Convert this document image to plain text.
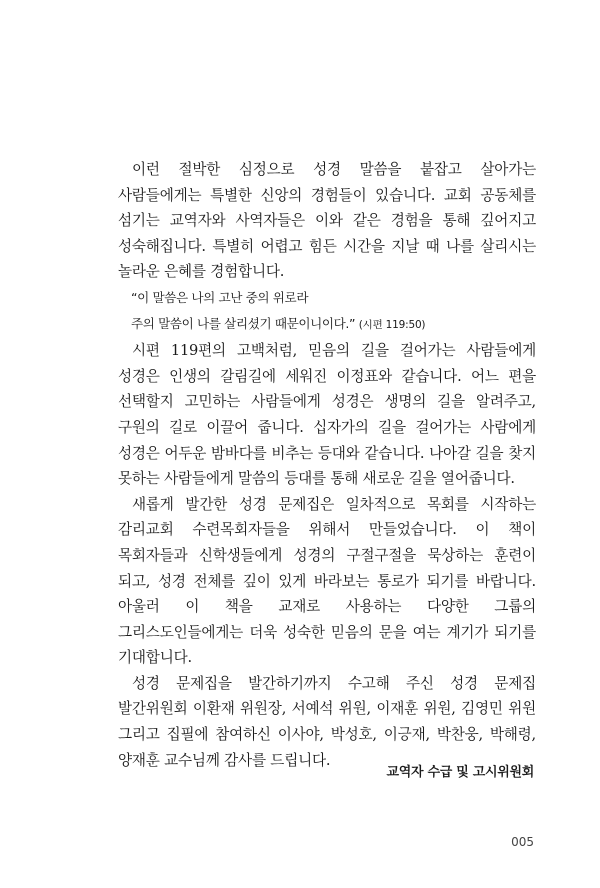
이런 절박한 심정으로 성경 말씀을 붙잡고 살아가는 사람들에게는 특별한 신앙의 경험들이 있습니다. 교회 공동체를 섬기는 교역자와 사역자들은 이와 같은 경험을 통해 깊어지고 성숙해집니다. 특별히 어렵고 힘든 시간을 지날 때 나를 살리시는 놀라운 은혜를 경험합니다.

“이 말씀은 나의 고난 중의 위로라

주의 말씀이 나를 살리셨기 때문이니이다.” (시편 119:50)

시편 119편의 고백처럼, 믿음의 길을 걸어가는 사람들에게 성경은 인생의 갈림길에 세워진 이정표와 같습니다. 어느 편을 선택할지 고민하는 사람들에게 성경은 생명의 길을 알려주고, 구원의 길로 이끌어 줍니다. 십자가의 길을 걸어가는 사람에게 성경은 어두운 밤바다를 비추는 등대와 같습니다. 나아갈 길을 찾지 못하는 사람들에게 말씀의 등대를 통해 새로운 길을 열어줍니다.

새롭게 발간한 성경 문제집은 일차적으로 목회를 시작하는 감리교회 수련목회자들을 위해서 만들었습니다. 이 책이 목회자들과 신학생들에게 성경의 구절구절을 묵상하는 훈련이 되고, 성경 전체를 깊이 있게 바라보는 통로가 되기를 바랍니다. 아울러 이 책을 교재로 사용하는 다양한 그룹의 그리스도인들에게는 더욱 성숙한 믿음의 문을 여는 계기가 되기를 기대합니다.

성경 문제집을 발간하기까지 수고해 주신 성경 문제집 발간위원회 이환재 위원장, 서예석 위원, 이재훈 위원, 김영민 위원 그리고 집필에 참여하신 이사야, 박성호, 이긍재, 박찬웅, 박해령, 양재훈 교수님께 감사를 드립니다.

교역자 수급 및 고시위원회
005
